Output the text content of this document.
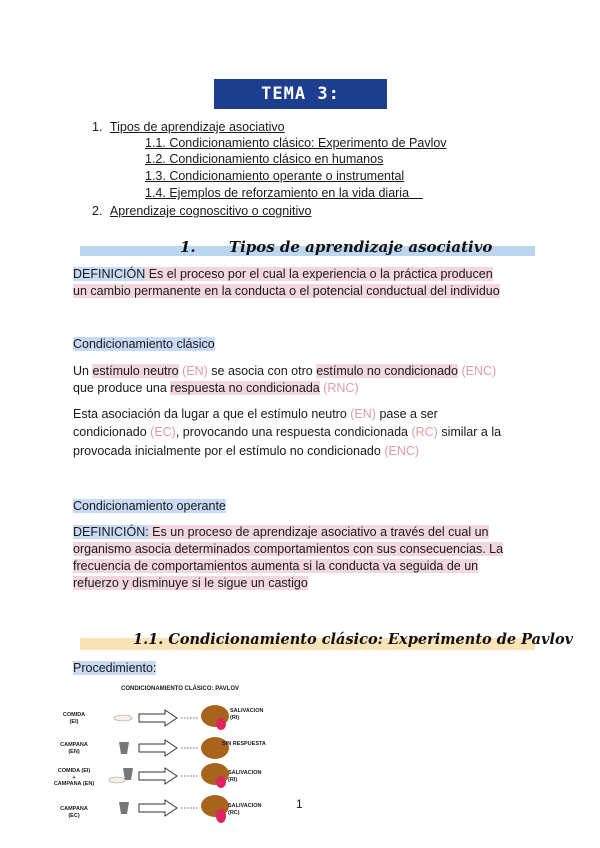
TEMA 3: APRENDIZAJE
1. Tipos de aprendizaje asociativo
1.1. Condicionamiento clásico: Experimento de Pavlov
1.2. Condicionamiento clásico en humanos
1.3. Condicionamiento operante o instrumental
1.4. Ejemplos de reforzamiento en la vida diaria
2. Aprendizaje cognoscitivo o cognitivo
1. Tipos de aprendizaje asociativo
DEFINICIÓN Es el proceso por el cual la experiencia o la práctica producen
un cambio permanente en la conducta o el potencial conductual del individuo
Condicionamiento clásico
Un estímulo neutro (EN) se asocia con otro estímulo no condicionado (ENC)
que produce una respuesta no condicionada (RNC)
Esta asociación da lugar a que el estímulo neutro (EN) pase a ser
condicionado (EC), provocando una respuesta condicionada (RC) similar a la
provocada inicialmente por el estímulo no condicionado (ENC)
Condicionamiento operante
DEFINICIÓN: Es un proceso de aprendizaje asociativo a través del cual un
organismo asocia determinados comportamientos con sus consecuencias. La
frecuencia de comportamientos aumenta si la conducta va seguida de un
refuerzo y disminuye si le sigue un castigo
1.1. Condicionamiento clásico: Experimento de Pavlov
Procedimiento:
CONDICIONAMIENTO CLÁSICO: PAVLOV
COMIDA
(EI)
SALIVACION
(RI)
CAMPANA
(EN)
SIN RESPUESTA
COMIDA (EI)
+
CAMPANA (EN)
SALIVACION
(RI)
CAMPANA
(EC)
SALIVACION
(RC)
1
